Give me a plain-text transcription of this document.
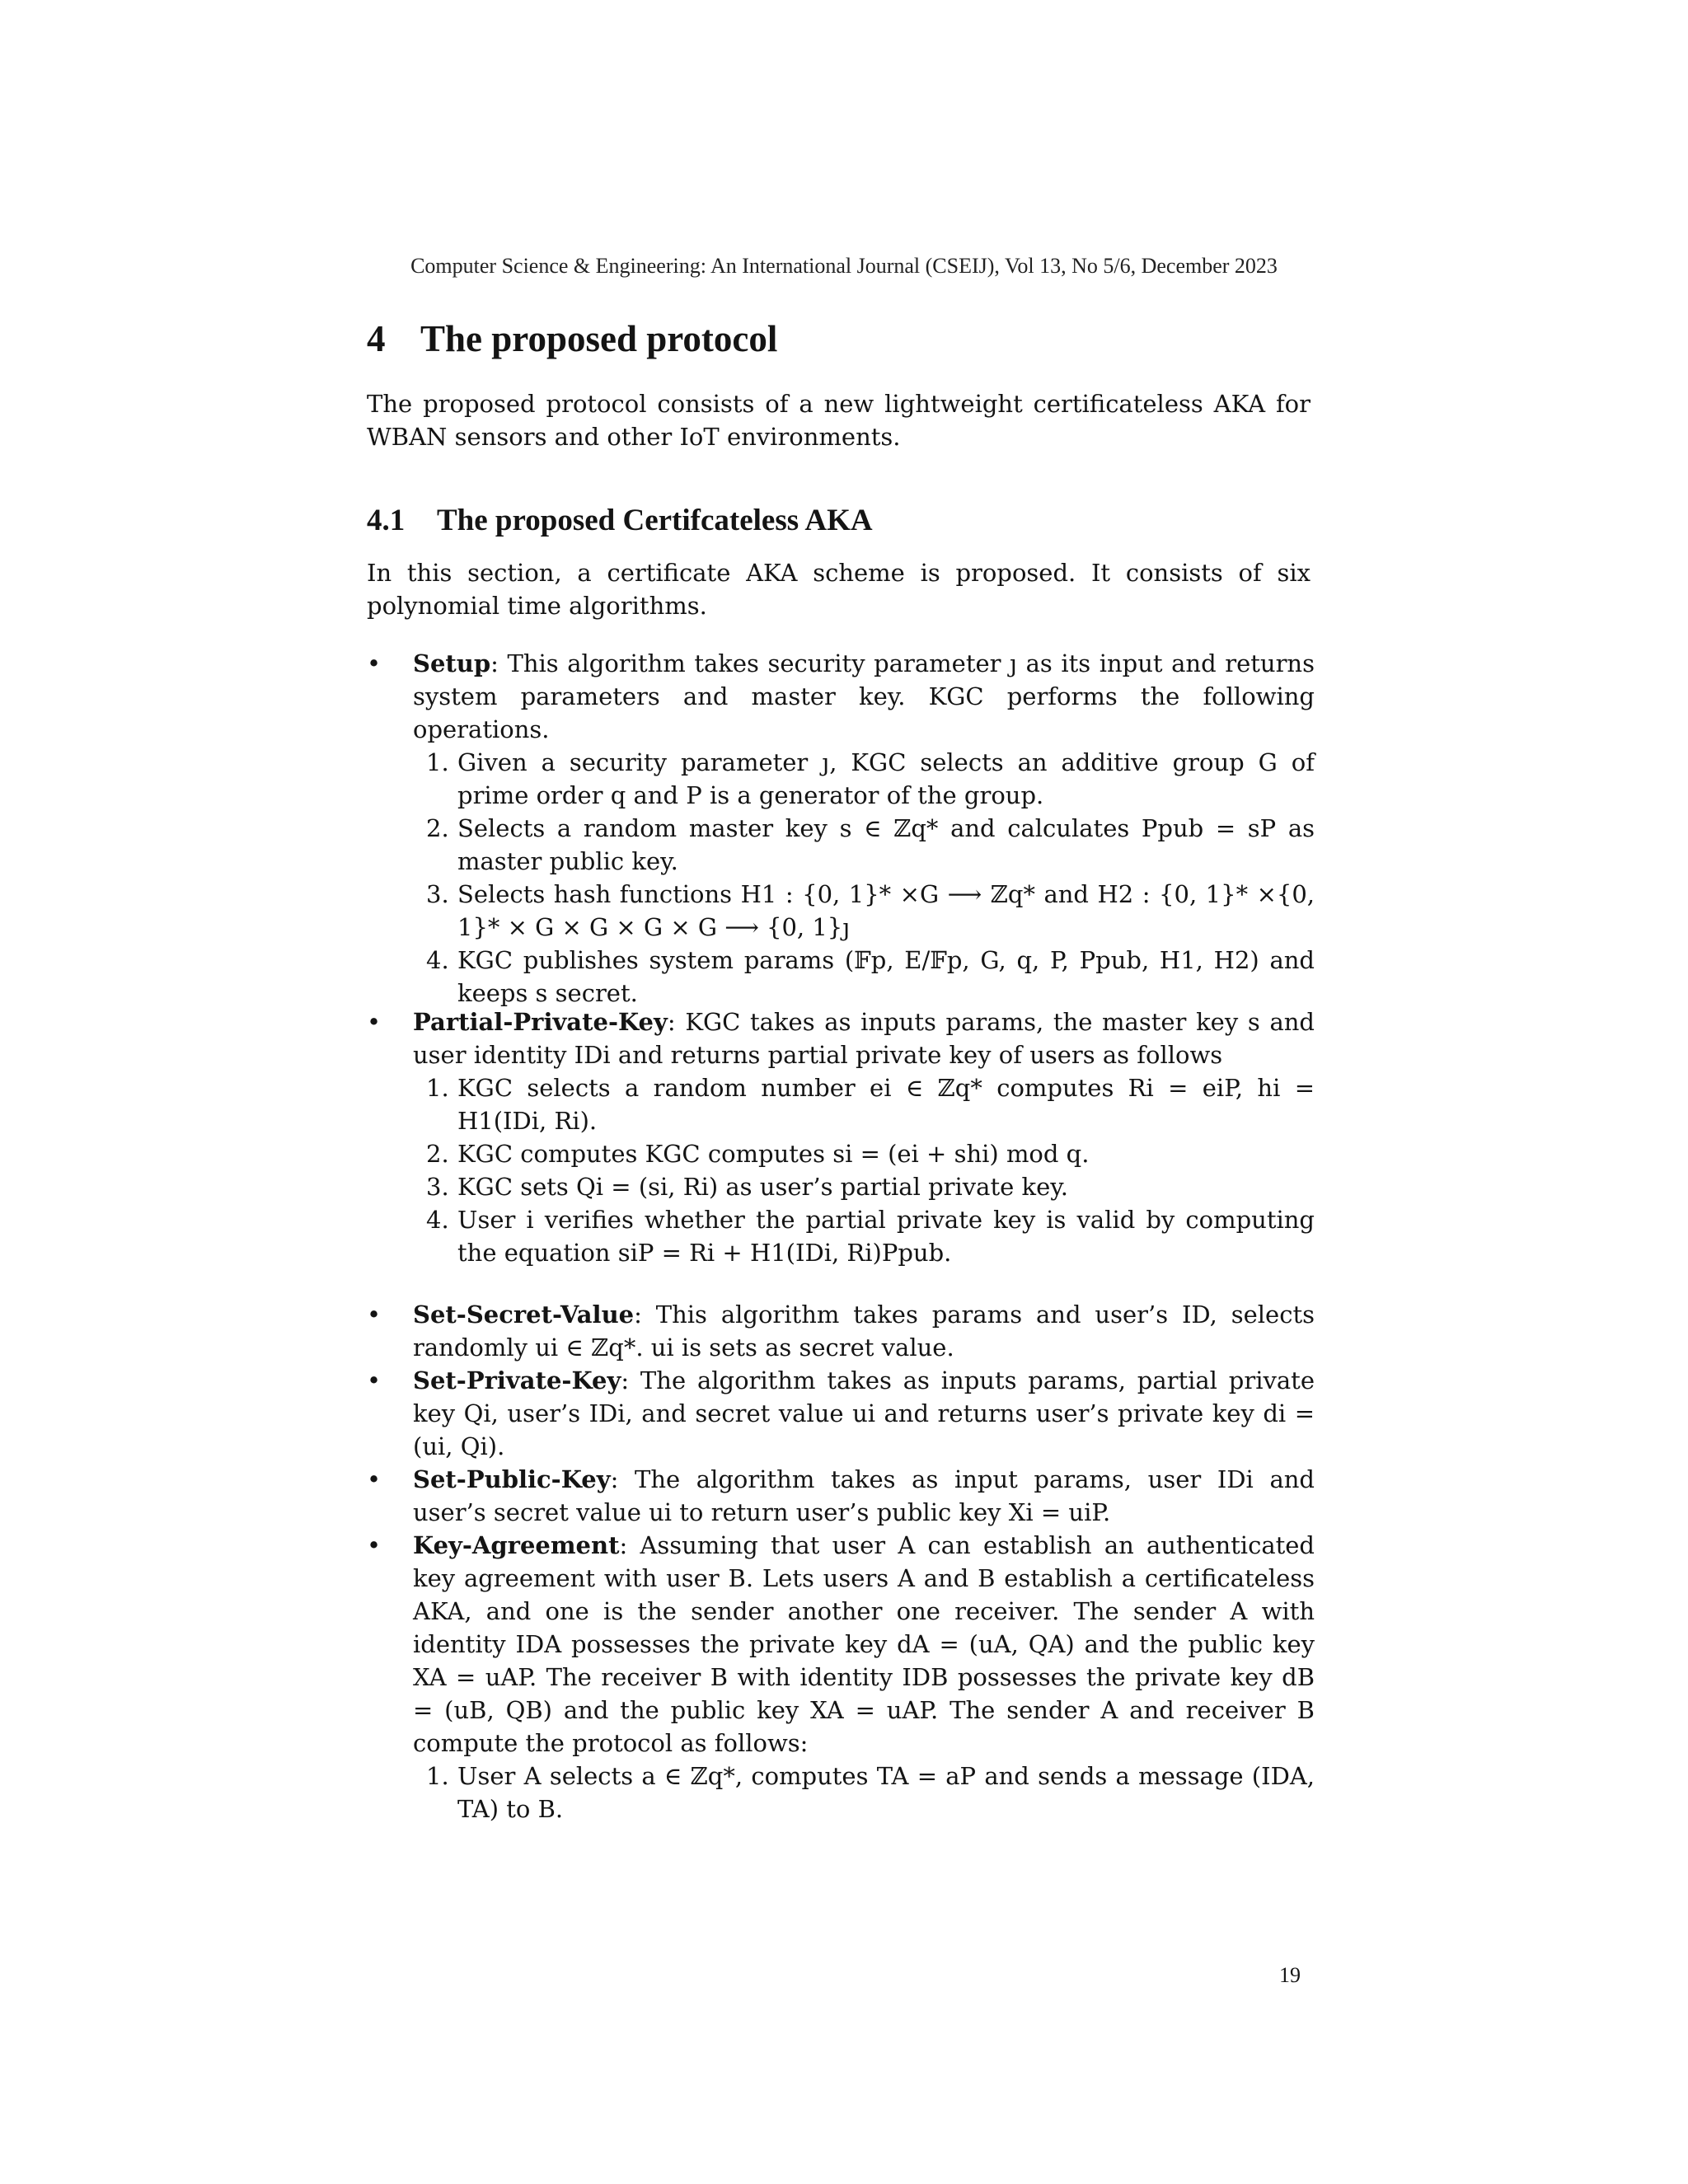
Computer Science & Engineering: An International Journal (CSEIJ), Vol 13, No 5/6, December 2023
4 The proposed protocol

The proposed protocol consists of a new lightweight certificateless AKA for WBAN sensors and other IoT environments.

4.1 The proposed Certifcateless AKA

In this section, a certificate AKA scheme is proposed. It consists of six polynomial time algorithms.

•	Setup: This algorithm takes security parameter ȷ as its input and returns system parameters and master key. KGC performs the following operations.
1. Given a security parameter ȷ, KGC selects an additive group G of prime order q and P is a generator of the group.
2. Selects a random master key s ∈ ℤq* and calculates Ppub = sP as master public key.
3. Selects hash functions H1 : {0, 1}* ×G ⟶ ℤq* and H2 : {0, 1}* ×{0, 1}* × G × G × G × G ⟶ {0, 1}ȷ
4. KGC publishes system params (𝔽p, E/𝔽p, G, q, P, Ppub, H1, H2) and keeps s secret.
•	Partial-Private-Key: KGC takes as inputs params, the master key s and user identity IDi and returns partial private key of users as follows
1. KGC selects a random number ei ∈ ℤq* computes Ri = eiP, hi = H1(IDi, Ri).
2. KGC computes KGC computes si = (ei + shi) mod q.
3. KGC sets Qi = (si, Ri) as user’s partial private key.
4. User i verifies whether the partial private key is valid by computing the equation siP = Ri + H1(IDi, Ri)Ppub.
•	Set-Secret-Value: This algorithm takes params and user’s ID, selects randomly ui ∈ ℤq*. ui is sets as secret value.
•	Set-Private-Key: The algorithm takes as inputs params, partial private key Qi, user’s IDi, and secret value ui and returns user’s private key di = (ui, Qi).
•	Set-Public-Key: The algorithm takes as input params, user IDi and user’s secret value ui to return user’s public key Xi = uiP.
•	Key-Agreement: Assuming that user A can establish an authenticated key agreement with user B. Lets users A and B establish a certificateless AKA, and one is the sender another one receiver. The sender A with identity IDA possesses the private key dA = (uA, QA) and the public key XA = uAP. The receiver B with identity IDB possesses the private key dB = (uB, QB) and the public key XA = uAP. The sender A and receiver B compute the protocol as follows:
1. User A selects a ∈ ℤq*, computes TA = aP and sends a message (IDA, TA) to B.
19
